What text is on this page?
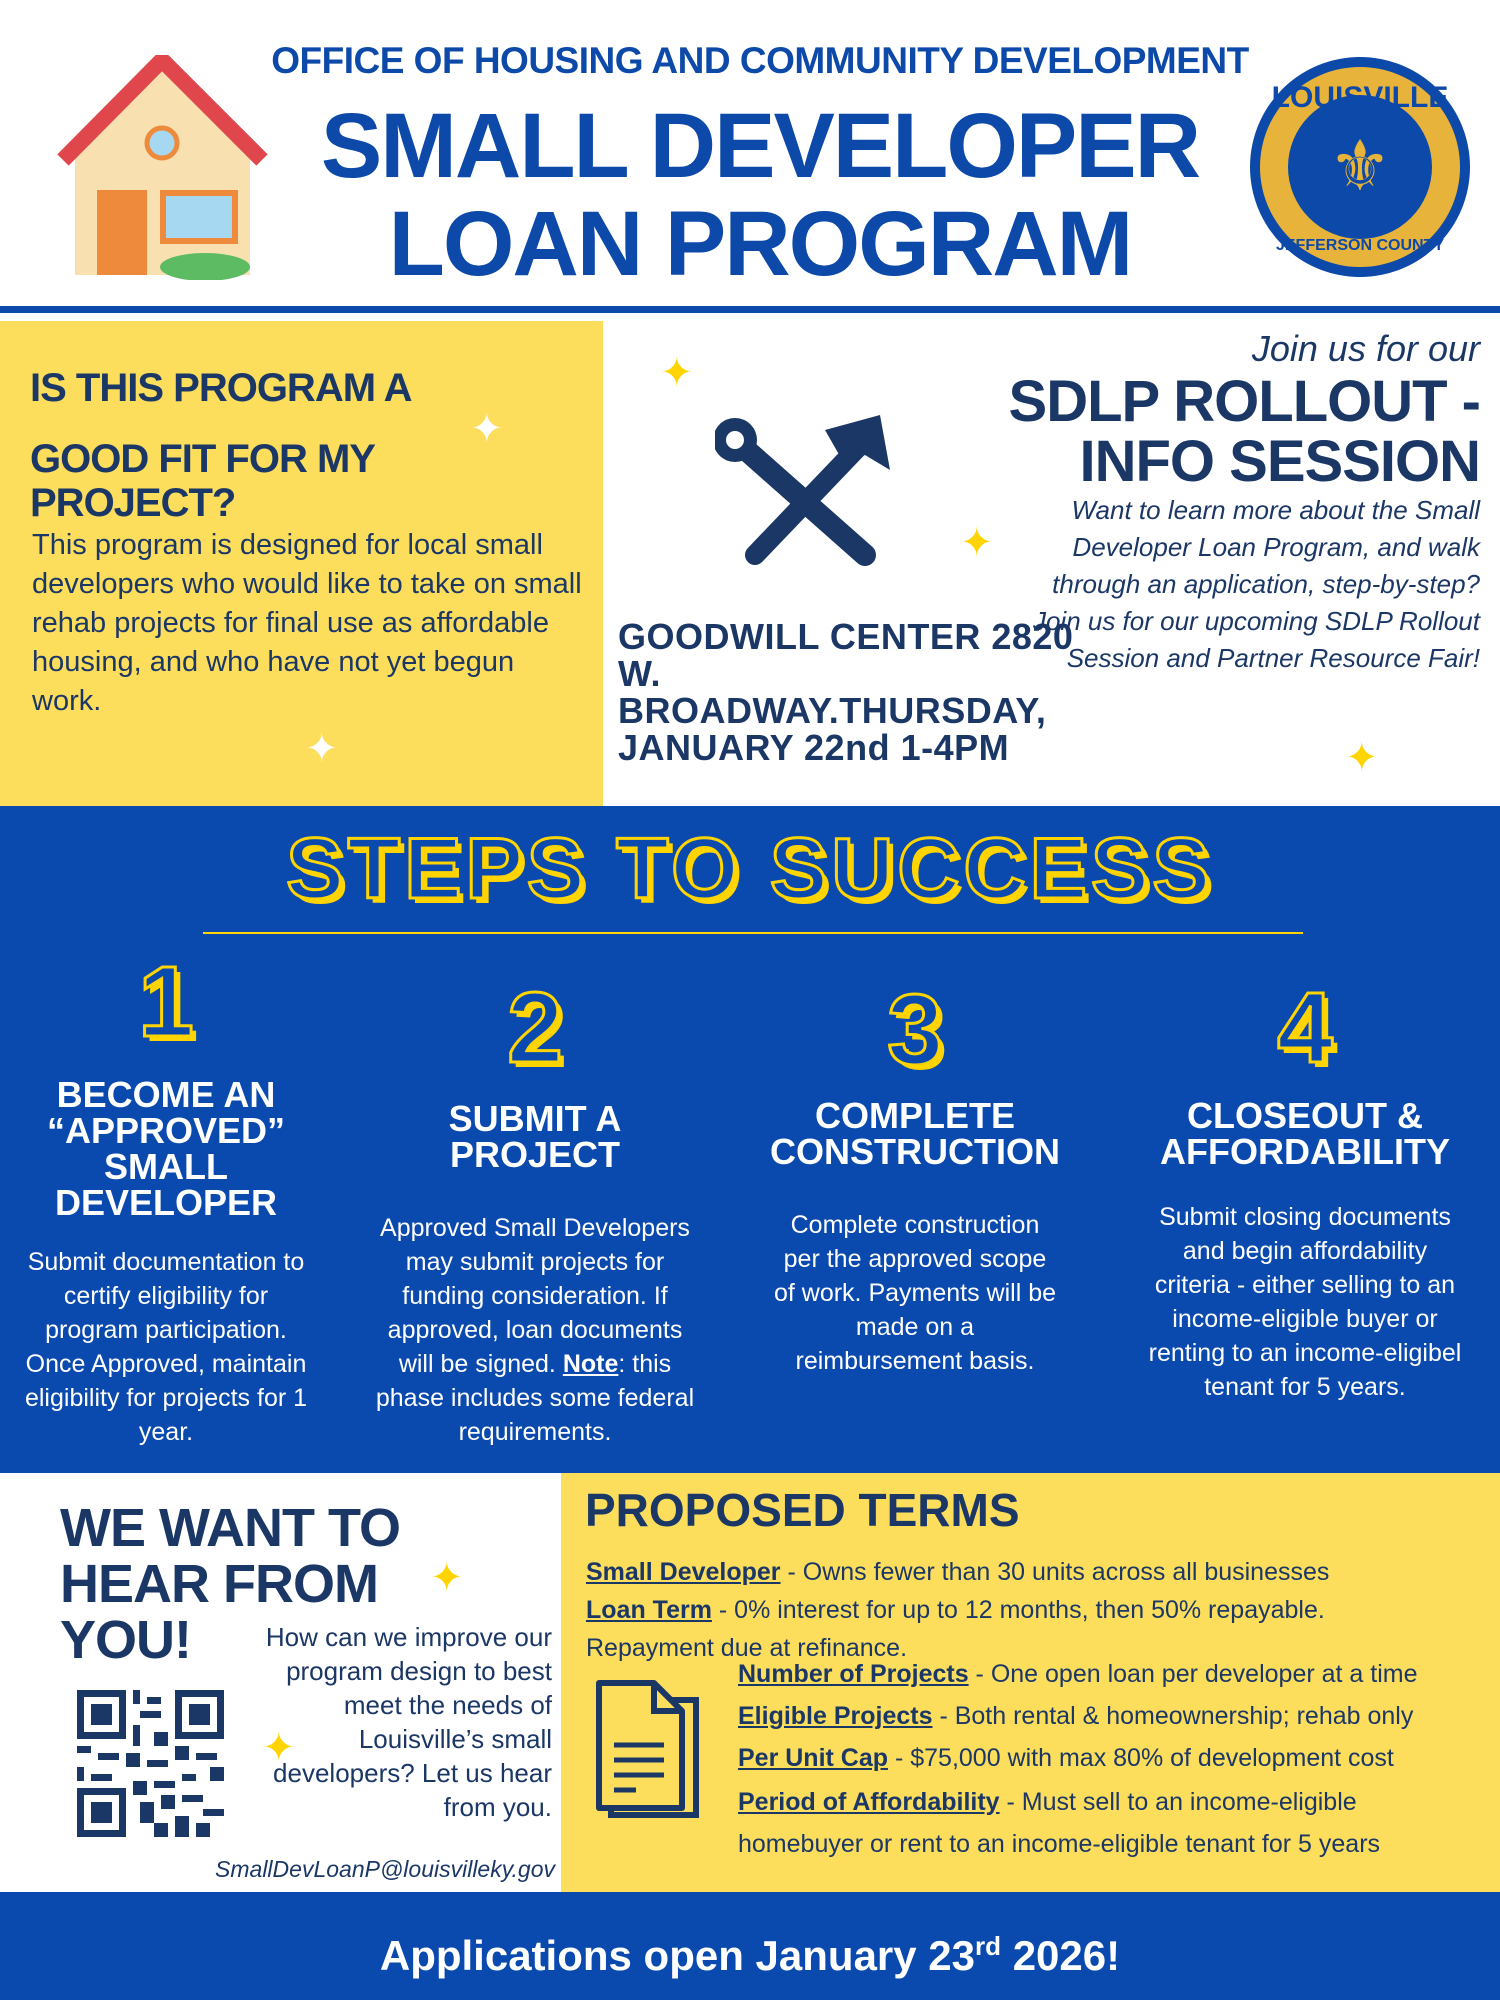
OFFICE OF HOUSING AND COMMUNITY DEVELOPMENT
SMALL DEVELOPER
LOAN PROGRAM
LOUISVILLE
JEFFERSON COUNTY
⚜
IS THIS PROGRAM A
GOOD FIT FOR MY PROJECT?

This program is designed for local small developers who would like to take on small rehab projects for final use as affordable housing, and who have not yet begun work.

✦
✦
✦
✦
✦
Join us for our
SDLP ROLLOUT - INFO SESSION
Want to learn more about the Small Developer Loan Program, and walk through an application, step-by-step? Join us for our upcoming SDLP Rollout Session and Partner Resource Fair!
GOODWILL CENTER 2820 W. BROADWAY.THURSDAY, JANUARY 22nd 1-4PM
STEPS TO SUCCESS
1
BECOME AN “APPROVED” SMALL DEVELOPER

Submit documentation to certify eligibility for program participation. Once Approved, maintain eligibility for projects for 1 year.

2
SUBMIT A PROJECT

Approved Small Developers may submit projects for funding consideration. If approved, loan documents will be signed. Note: this phase includes some federal requirements.

3
COMPLETE CONSTRUCTION

Complete construction per the approved scope of work. Payments will be made on a reimbursement basis.

4
CLOSEOUT & AFFORDABILITY

Submit closing documents and begin affordability criteria - either selling to an income-eligible buyer or renting to an income-eligibel tenant for 5 years.

WE WANT TO HEAR FROM YOU!
✦
✦
How can we improve our program design to best meet the needs of Louisville’s small developers? Let us hear from you.
SmallDevLoanP@louisvilleky.gov
PROPOSED TERMS
Small Developer - Owns fewer than 30 units across all businesses
Loan Term - 0% interest for up to 12 months, then 50% repayable. Repayment due at refinance.
Number of Projects - One open loan per developer at a time
Eligible Projects - Both rental & homeownership; rehab only
Per Unit Cap - $75,000 with max 80% of development cost
Period of Affordability - Must sell to an income-eligible homebuyer or rent to an income-eligible tenant for 5 years
Applications open January 23rd 2026!
